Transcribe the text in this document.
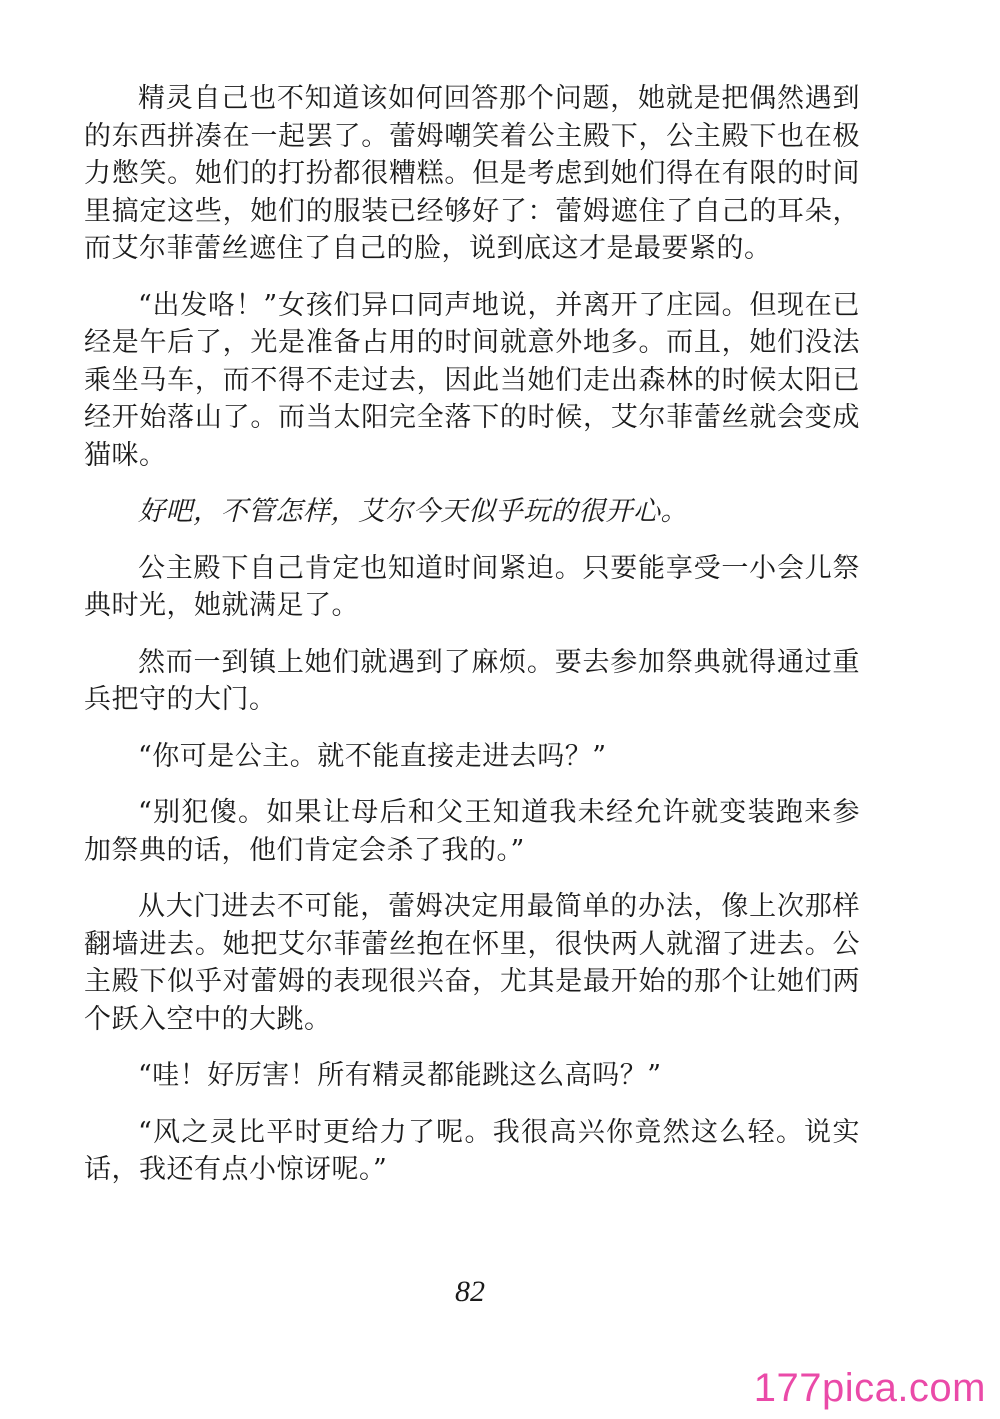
精灵自己也不知道该如何回答那个问题，她就是把偶然遇到的东西拼凑在一起罢了。蕾姆嘲笑着公主殿下，公主殿下也在极力憋笑。她们的打扮都很糟糕。但是考虑到她们得在有限的时间里搞定这些，她们的服装已经够好了：蕾姆遮住了自己的耳朵，而艾尔菲蕾丝遮住了自己的脸，说到底这才是最要紧的。

“出发咯！”女孩们异口同声地说，并离开了庄园。但现在已经是午后了，光是准备占用的时间就意外地多。而且，她们没法乘坐马车，而不得不走过去，因此当她们走出森林的时候太阳已经开始落山了。而当太阳完全落下的时候，艾尔菲蕾丝就会变成猫咪。

好吧，不管怎样，艾尔今天似乎玩的很开心。

公主殿下自己肯定也知道时间紧迫。只要能享受一小会儿祭典时光，她就满足了。

然而一到镇上她们就遇到了麻烦。要去参加祭典就得通过重兵把守的大门。

“你可是公主。就不能直接走进去吗？”

“别犯傻。如果让母后和父王知道我未经允许就变装跑来参加祭典的话，他们肯定会杀了我的。”

从大门进去不可能，蕾姆决定用最简单的办法，像上次那样翻墙进去。她把艾尔菲蕾丝抱在怀里，很快两人就溜了进去。公主殿下似乎对蕾姆的表现很兴奋，尤其是最开始的那个让她们两个跃入空中的大跳。

“哇！好厉害！所有精灵都能跳这么高吗？”

“风之灵比平时更给力了呢。我很高兴你竟然这么轻。说实话，我还有点小惊讶呢。”

82
177pica.com
